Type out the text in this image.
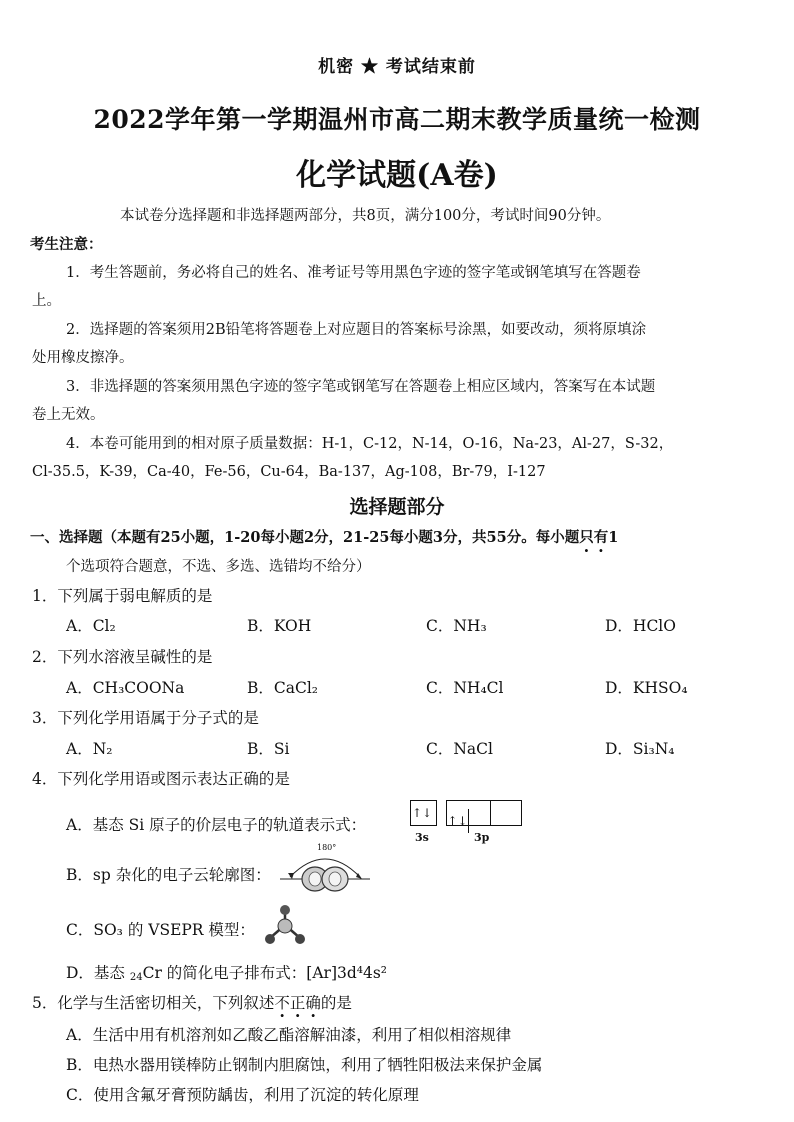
机密 ★ 考试结束前
2022学年第一学期温州市高二期末教学质量统一检测
化学试题(A卷)
本试卷分选择题和非选择题两部分，共8页，满分100分，考试时间90分钟。
考生注意：
1．考生答题前，务必将自己的姓名、准考证号等用黑色字迹的签字笔或钢笔填写在答题卷
上。
2．选择题的答案须用2B铅笔将答题卷上对应题目的答案标号涂黑，如要改动，须将原填涂
处用橡皮擦净。
3．非选择题的答案须用黑色字迹的签字笔或钢笔写在答题卷上相应区域内，答案写在本试题
卷上无效。
4．本卷可能用到的相对原子质量数据：H-1，C-12，N-14，O-16，Na-23，Al-27，S-32，
Cl-35.5，K-39，Ca-40，Fe-56，Cu-64，Ba-137，Ag-108，Br-79，I-127
选择题部分
一、选择题（本题有25小题，1-20每小题2分，21-25每小题3分，共55分。每小题只有1
个选项符合题意，不选、多选、选错均不给分）
1．下列属于弱电解质的是
A．Cl₂	B．KOH	C．NH₃	D．HClO
2．下列水溶液呈碱性的是
A．CH₃COONa	B．CaCl₂	C．NH₄Cl	D．KHSO₄
3．下列化学用语属于分子式的是
A．N₂	B．Si	C．NaCl	D．Si₃N₄
4．下列化学用语或图示表达正确的是
A．基态 Si 原子的价层电子的轨道表示式：
↑↓
↑↓
3s	3p
B．sp 杂化的电子云轮廓图：
180°
C．SO₃ 的 VSEPR 模型：
D．基态 $_{24}$Cr 的简化电子排布式：[Ar]3d⁴4s²
5．化学与生活密切相关，下列叙述不正确的是
A．生活中用有机溶剂如乙酸乙酯溶解油漆，利用了相似相溶规律
B．电热水器用镁棒防止钢制内胆腐蚀，利用了牺牲阳极法来保护金属
C．使用含氟牙膏预防龋齿，利用了沉淀的转化原理
